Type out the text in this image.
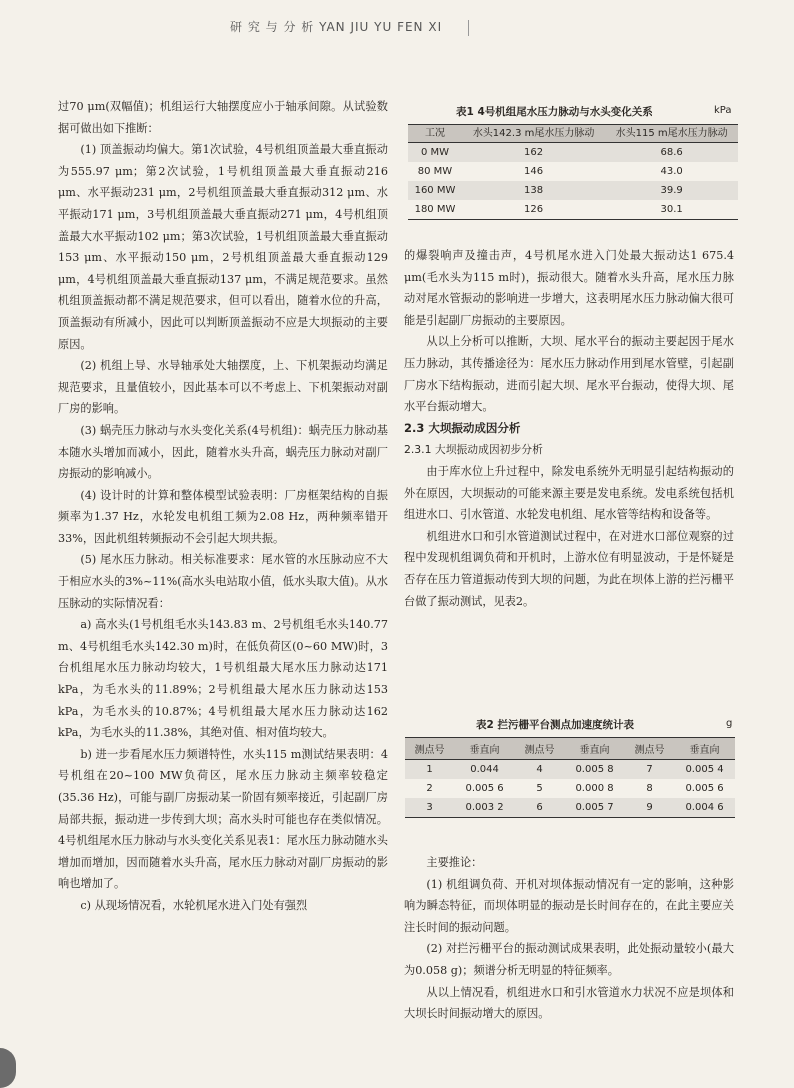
研 究 与 分 析 YAN JIU YU FEN XI

过70 μm(双幅值)；机组运行大轴摆度应小于轴承间隙。从试验数据可做出如下推断：

(1) 顶盖振动均偏大。第1次试验，4号机组顶盖最大垂直振动为555.97 μm；第2次试验，1号机组顶盖最大垂直振动216 μm、水平振动231 μm，2号机组顶盖最大垂直振动312 μm、水平振动171 μm，3号机组顶盖最大垂直振动271 μm，4号机组顶盖最大水平振动102 μm；第3次试验，1号机组顶盖最大垂直振动153 μm、水平振动150 μm，2号机组顶盖最大垂直振动129 μm，4号机组顶盖最大垂直振动137 μm，不满足规范要求。虽然机组顶盖振动都不满足规范要求，但可以看出，随着水位的升高，顶盖振动有所减小，因此可以判断顶盖振动不应是大坝振动的主要原因。

(2) 机组上导、水导轴承处大轴摆度，上、下机架振动均满足规范要求，且量值较小，因此基本可以不考虑上、下机架振动对副厂房的影响。

(3) 蜗壳压力脉动与水头变化关系(4号机组)：蜗壳压力脉动基本随水头增加而减小，因此，随着水头升高，蜗壳压力脉动对副厂房振动的影响减小。

(4) 设计时的计算和整体模型试验表明：厂房框架结构的自振频率为1.37 Hz，水轮发电机组工频为2.08 Hz，两种频率错开33%，因此机组转频振动不会引起大坝共振。

(5) 尾水压力脉动。相关标准要求：尾水管的水压脉动应不大于相应水头的3%~11%(高水头电站取小值，低水头取大值)。从水压脉动的实际情况看：

a) 高水头(1号机组毛水头143.83 m、2号机组毛水头140.77 m、4号机组毛水头142.30 m)时，在低负荷区(0~60 MW)时，3台机组尾水压力脉动均较大，1号机组最大尾水压力脉动达171 kPa，为毛水头的11.89%；2号机组最大尾水压力脉动达153 kPa，为毛水头的10.87%；4号机组最大尾水压力脉动达162 kPa，为毛水头的11.38%，其绝对值、相对值均较大。

b) 进一步看尾水压力频谱特性，水头115 m测试结果表明：4号机组在20~100 MW负荷区，尾水压力脉动主频率较稳定(35.36 Hz)，可能与副厂房振动某一阶固有频率接近，引起副厂房局部共振，振动进一步传到大坝；高水头时可能也存在类似情况。4号机组尾水压力脉动与水头变化关系见表1：尾水压力脉动随水头增加而增加，因而随着水头升高，尾水压力脉动对副厂房振动的影响也增加了。

c) 从现场情况看，水轮机尾水进入门处有强烈

表1 4号机组尾水压力脉动与水头变化关系	kPa
工况	水头142.3 m尾水压力脉动	水头115 m尾水压力脉动
0 MW	162	68.6
80 MW	146	43.0
160 MW	138	39.9
180 MW	126	30.1

的爆裂响声及撞击声，4号机尾水进入门处最大振动达1 675.4 μm(毛水头为115 m时)，振动很大。随着水头升高，尾水压力脉动对尾水管振动的影响进一步增大，这表明尾水压力脉动偏大很可能是引起副厂房振动的主要原因。

从以上分析可以推断，大坝、尾水平台的振动主要起因于尾水压力脉动，其传播途径为：尾水压力脉动作用到尾水管壁，引起副厂房水下结构振动，进而引起大坝、尾水平台振动，使得大坝、尾水平台振动增大。

2.3 大坝振动成因分析

2.3.1 大坝振动成因初步分析

由于库水位上升过程中，除发电系统外无明显引起结构振动的外在原因，大坝振动的可能来源主要是发电系统。发电系统包括机组进水口、引水管道、水轮发电机组、尾水管等结构和设备等。

机组进水口和引水管道测试过程中，在对进水口部位观察的过程中发现机组调负荷和开机时，上游水位有明显波动，于是怀疑是否存在压力管道振动传到大坝的问题，为此在坝体上游的拦污栅平台做了振动测试，见表2。

表2 拦污栅平台测点加速度统计表	g
测点号	垂直向	测点号	垂直向	测点号	垂直向
1	0.044	4	0.005 8	7	0.005 4
2	0.005 6	5	0.000 8	8	0.005 6
3	0.003 2	6	0.005 7	9	0.004 6

主要推论：

(1) 机组调负荷、开机对坝体振动情况有一定的影响，这种影响为瞬态特征，而坝体明显的振动是长时间存在的，在此主要应关注长时间的振动问题。

(2) 对拦污栅平台的振动测试成果表明，此处振动量较小(最大为0.058 g)；频谱分析无明显的特征频率。

从以上情况看，机组进水口和引水管道水力状况不应是坝体和大坝长时间振动增大的原因。
